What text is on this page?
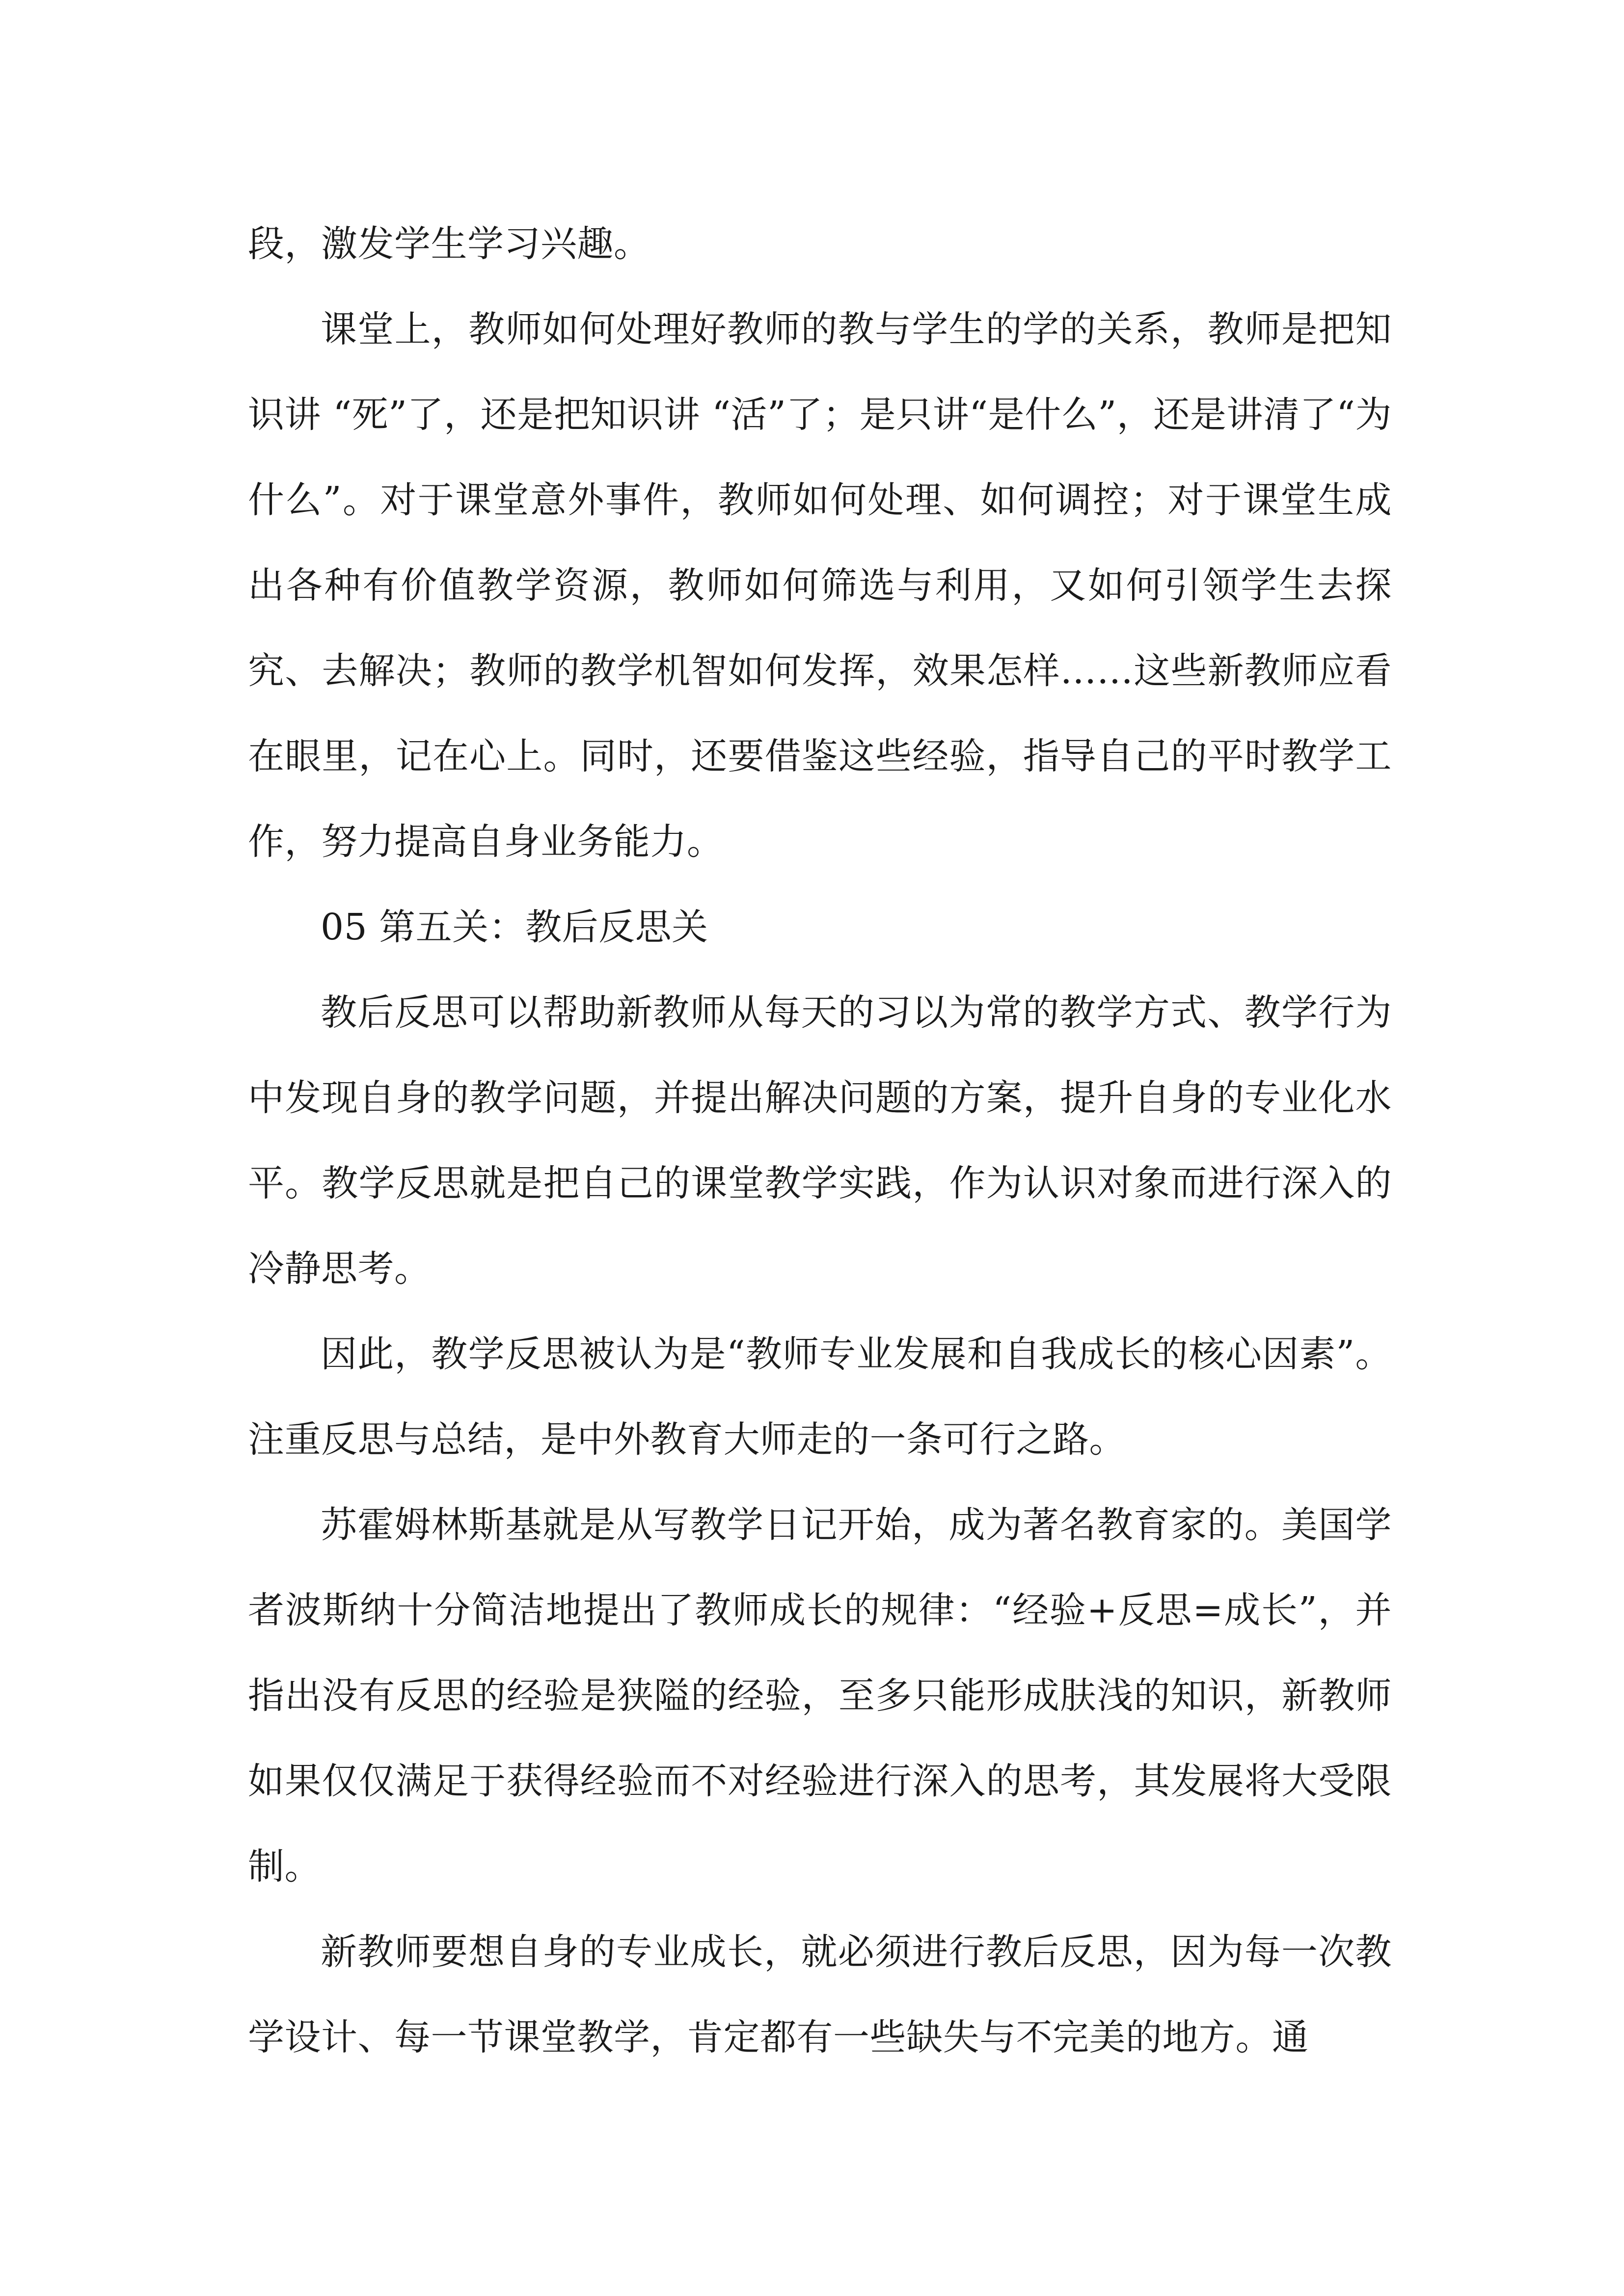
段，激发学生学习兴趣。

课堂上，教师如何处理好教师的教与学生的学的关系，教师是把知识讲 “死”了，还是把知识讲 “活”了；是只讲“是什么”，还是讲清了“为什么”。对于课堂意外事件，教师如何处理、如何调控；对于课堂生成出各种有价值教学资源，教师如何筛选与利用，又如何引领学生去探究、去解决；教师的教学机智如何发挥，效果怎样……这些新教师应看在眼里，记在心上。同时，还要借鉴这些经验，指导自己的平时教学工作，努力提高自身业务能力。

05 第五关：教后反思关

教后反思可以帮助新教师从每天的习以为常的教学方式、教学行为中发现自身的教学问题，并提出解决问题的方案，提升自身的专业化水平。教学反思就是把自己的课堂教学实践，作为认识对象而进行深入的冷静思考。

因此，教学反思被认为是“教师专业发展和自我成长的核心因素”。注重反思与总结，是中外教育大师走的一条可行之路。

苏霍姆林斯基就是从写教学日记开始，成为著名教育家的。美国学者波斯纳十分简洁地提出了教师成长的规律：“经验+反思=成长”，并指出没有反思的经验是狭隘的经验，至多只能形成肤浅的知识，新教师如果仅仅满足于获得经验而不对经验进行深入的思考，其发展将大受限制。

新教师要想自身的专业成长，就必须进行教后反思，因为每一次教学设计、每一节课堂教学，肯定都有一些缺失与不完美的地方。通
